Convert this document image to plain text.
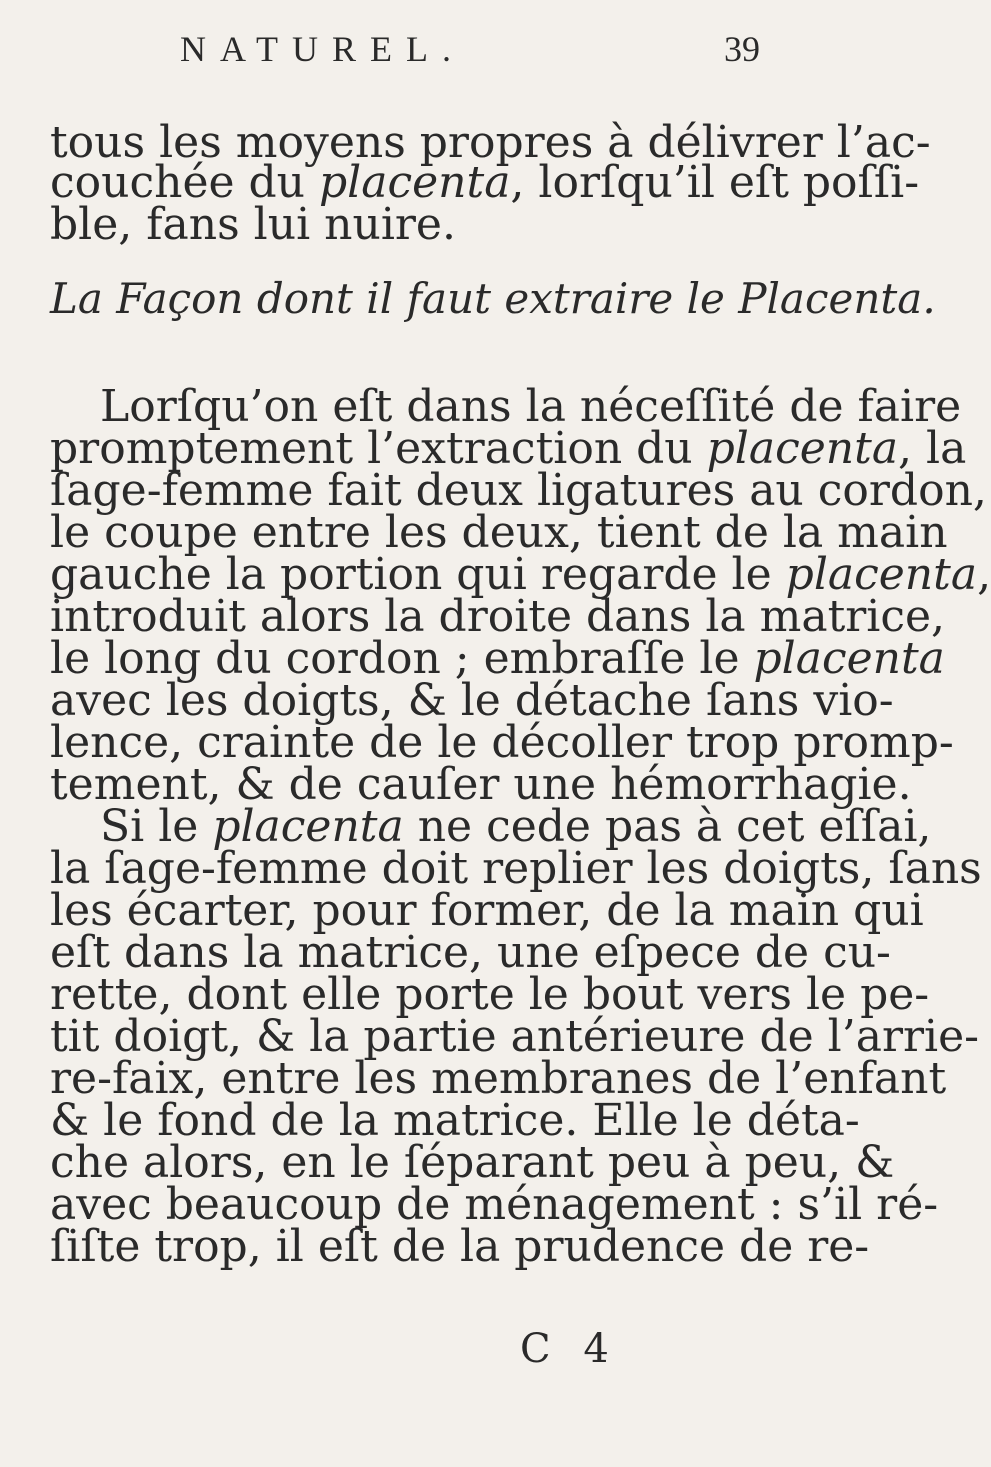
NATUREL.	39
tous les moyens propres à délivrer l’ac-
couchée du placenta, lorſqu’il eſt poſſi-
ble, fans lui nuire.
La Façon dont il faut extraire le Placenta.
Lorſqu’on eſt dans la néceſſité de faire
promptement l’extraction du placenta, la
ſage-femme fait deux ligatures au cordon,
le coupe entre les deux, tient de la main
gauche la portion qui regarde le placenta,
introduit alors la droite dans la matrice,
le long du cordon ; embraſſe le placenta
avec les doigts, & le détache ſans vio-
lence, crainte de le décoller trop promp-
tement, & de cauſer une hémorrhagie.
Si le placenta ne cede pas à cet eſſai,
la ſage-femme doit replier les doigts, ſans
les écarter, pour former, de la main qui
eſt dans la matrice, une eſpece de cu-
rette, dont elle porte le bout vers le pe-
tit doigt, & la partie antérieure de l’arrie-
re-faix, entre les membranes de l’enfant
& le fond de la matrice. Elle le déta-
che alors, en le ſéparant peu à peu, &
avec beaucoup de ménagement : s’il ré-
ſiſte trop, il eſt de la prudence de re-
C 4
